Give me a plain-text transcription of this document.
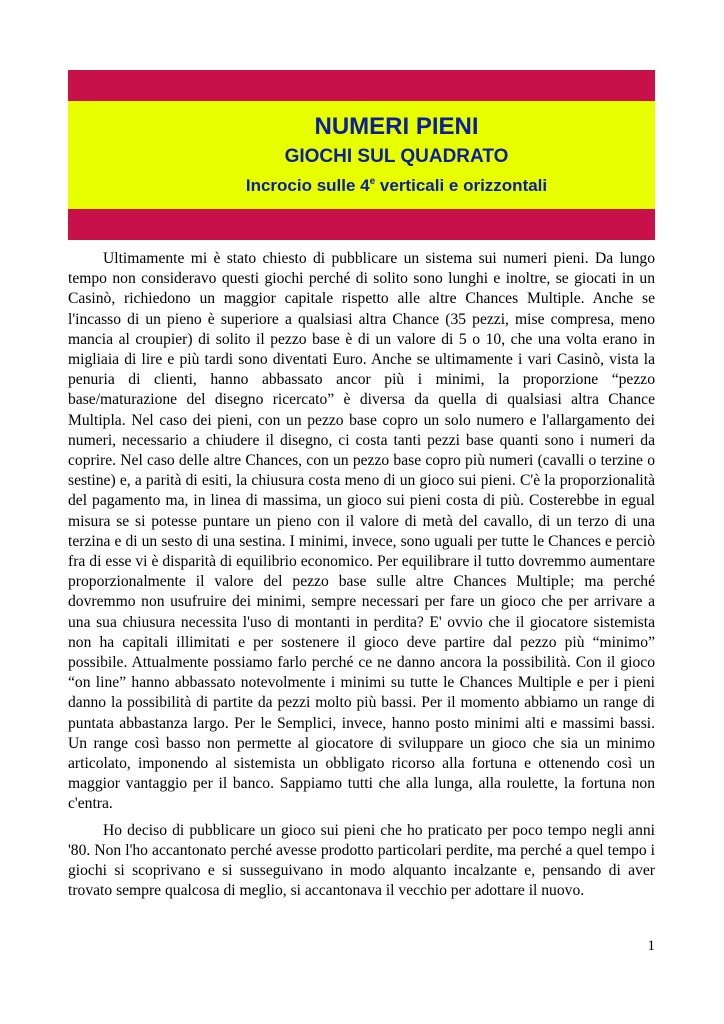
NUMERI PIENI
GIOCHI SUL QUADRATO
Incrocio sulle 4e verticali e orizzontali

Ultimamente mi è stato chiesto di pubblicare un sistema sui numeri pieni. Da lungo tempo non consideravo questi giochi perché di solito sono lunghi e inoltre, se giocati in un Casinò, richiedono un maggior capitale rispetto alle altre Chances Multiple. Anche se l'incasso di un pieno è superiore a qualsiasi altra Chance (35 pezzi, mise compresa, meno mancia al croupier) di solito il pezzo base è di un valore di 5 o 10, che una volta erano in migliaia di lire e più tardi sono diventati Euro. Anche se ultimamente i vari Casinò, vista la penuria di clienti, hanno abbassato ancor più i minimi, la proporzione “pezzo base/maturazione del disegno ricercato” è diversa da quella di qualsiasi altra Chance Multipla. Nel caso dei pieni, con un pezzo base copro un solo numero e l'allargamento dei numeri, necessario a chiudere il disegno, ci costa tanti pezzi base quanti sono i numeri da coprire. Nel caso delle altre Chances, con un pezzo base copro più numeri (cavalli o terzine o sestine) e, a parità di esiti, la chiusura costa meno di un gioco sui pieni. C'è la proporzionalità del pagamento ma, in linea di massima, un gioco sui pieni costa di più. Costerebbe in egual misura se si potesse puntare un pieno con il valore di metà del cavallo, di un terzo di una terzina e di un sesto di una sestina. I minimi, invece, sono uguali per tutte le Chances e perciò fra di esse vi è disparità di equilibrio economico. Per equilibrare il tutto dovremmo aumentare proporzionalmente il valore del pezzo base sulle altre Chances Multiple; ma perché dovremmo non usufruire dei minimi, sempre necessari per fare un gioco che per arrivare a una sua chiusura necessita l'uso di montanti in perdita? E' ovvio che il giocatore sistemista non ha capitali illimitati e per sostenere il gioco deve partire dal pezzo più “minimo” possibile. Attualmente possiamo farlo perché ce ne danno ancora la possibilità. Con il gioco “on line” hanno abbassato notevolmente i minimi su tutte le Chances Multiple e per i pieni danno la possibilità di partite da pezzi molto più bassi. Per il momento abbiamo un range di puntata abbastanza largo. Per le Semplici, invece, hanno posto minimi alti e massimi bassi. Un range così basso non permette al giocatore di sviluppare un gioco che sia un minimo articolato, imponendo al sistemista un obbligato ricorso alla fortuna e ottenendo così un maggior vantaggio per il banco. Sappiamo tutti che alla lunga, alla roulette, la fortuna non c'entra.

Ho deciso di pubblicare un gioco sui pieni che ho praticato per poco tempo negli anni '80. Non l'ho accantonato perché avesse prodotto particolari perdite, ma perché a quel tempo i giochi si scoprivano e si susseguivano in modo alquanto incalzante e, pensando di aver trovato sempre qualcosa di meglio, si accantonava il vecchio per adottare il nuovo.

1
